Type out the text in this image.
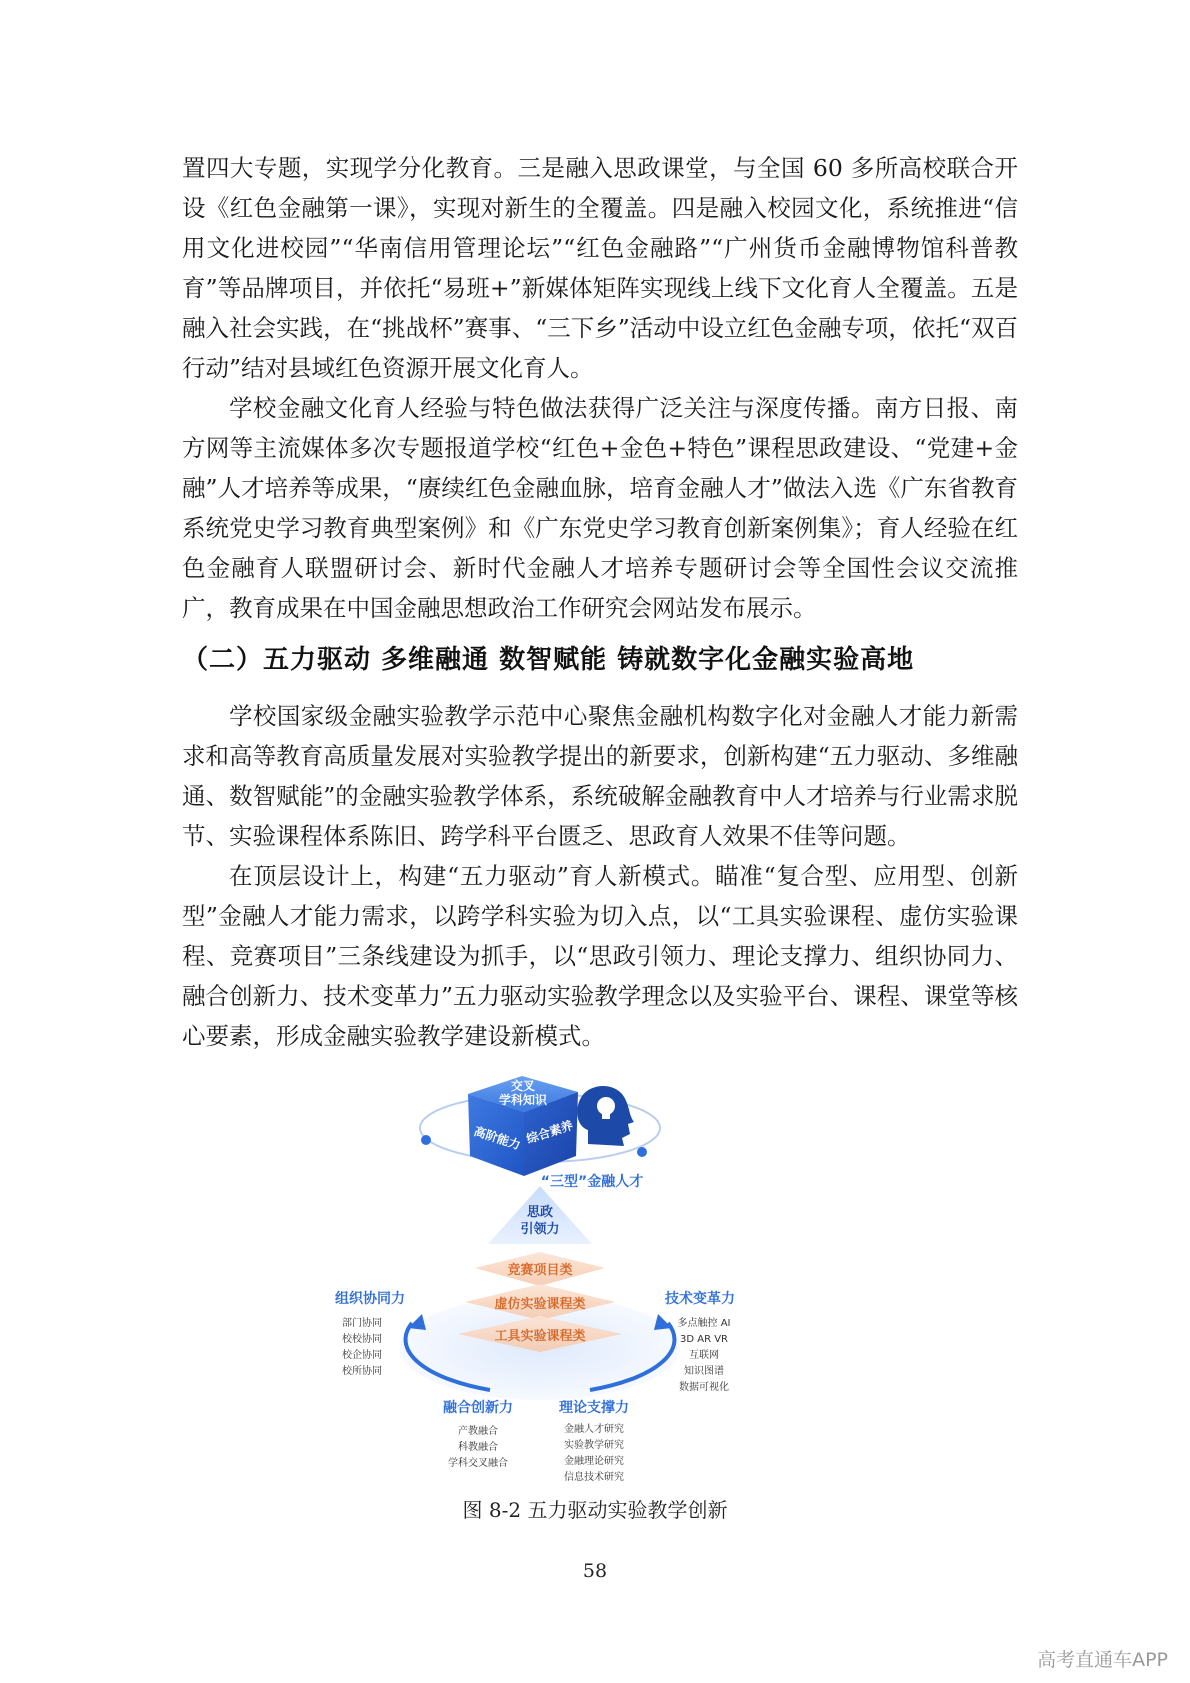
置四大专题，实现学分化教育。三是融入思政课堂，与全国 60 多所高校联合开设《红色金融第一课》，实现对新生的全覆盖。四是融入校园文化，系统推进“信用文化进校园”“华南信用管理论坛”“红色金融路”“广州货币金融博物馆科普教育”等品牌项目，并依托“易班+”新媒体矩阵实现线上线下文化育人全覆盖。五是融入社会实践，在“挑战杯”赛事、“三下乡”活动中设立红色金融专项，依托“双百行动”结对县域红色资源开展文化育人。

学校金融文化育人经验与特色做法获得广泛关注与深度传播。南方日报、南方网等主流媒体多次专题报道学校“红色+金色+特色”课程思政建设、“党建+金融”人才培养等成果，“赓续红色金融血脉，培育金融人才”做法入选《广东省教育系统党史学习教育典型案例》和《广东党史学习教育创新案例集》；育人经验在红色金融育人联盟研讨会、新时代金融人才培养专题研讨会等全国性会议交流推广，教育成果在中国金融思想政治工作研究会网站发布展示。

（二）五力驱动 多维融通 数智赋能 铸就数字化金融实验高地

学校国家级金融实验教学示范中心聚焦金融机构数字化对金融人才能力新需求和高等教育高质量发展对实验教学提出的新要求，创新构建“五力驱动、多维融通、数智赋能”的金融实验教学体系，系统破解金融教育中人才培养与行业需求脱节、实验课程体系陈旧、跨学科平台匮乏、思政育人效果不佳等问题。

在顶层设计上，构建“五力驱动”育人新模式。瞄准“复合型、应用型、创新型”金融人才能力需求，以跨学科实验为切入点，以“工具实验课程、虚仿实验课程、竞赛项目”三条线建设为抓手，以“思政引领力、理论支撑力、组织协同力、融合创新力、技术变革力”五力驱动实验教学理念以及实验平台、课程、课堂等核心要素，形成金融实验教学建设新模式。

交叉
学科知识
高阶能力 综合素养
“三型”金融人才
思政
引领力
竞赛项目类
虚仿实验课程类
工具实验课程类
组织协同力
部门协同
校校协同
校企协同
校所协同
技术变革力
多点触控 AI
3D AR VR
互联网
知识图谱
数据可视化
融合创新力
产教融合
科教融合
学科交叉融合
理论支撑力
金融人才研究
实验教学研究
金融理论研究
信息技术研究
图 8-2 五力驱动实验教学创新
58
高考直通车APP
